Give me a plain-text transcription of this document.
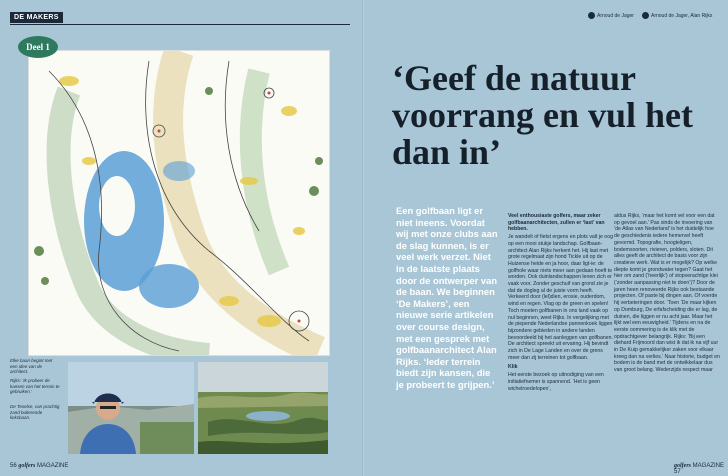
DE MAKERS
Deel 1
Elke baan begint met een idee van de architect.
Rijks: ‘Ik probeer de kansen van het terrein te gebruiken.’
De Texelse, van prachtig zand bulterende linksbaan.
56 golfers MAGAZINE
Arnoud de Jager	Arnoud de Jager, Alan Rijks
‘Geef de natuur voorrang en vul het dan in’

Een golfbaan ligt er niet ineens. Voordat wij met onze clubs aan de slag kunnen, is er veel werk verzet. Niet in de laatste plaats door de ontwerper van de baan. We beginnen ‘De Makers’, een nieuwe serie artikelen over course design, met een gesprek met golfbaanarchitect Alan Rijks. ‘Ieder terrein biedt zijn kansen, die je probeert te grijpen.’

Veel enthousiaste golfers, maar zeker golfbaanarchitecten, zullen er ‘last’ van hebben.

Je wandelt of fietst ergens en plots valt je oog op een mooi stukje landschap. Golfbaan-architect Alan Rijks herkent het. Hij laat met grote regelmaat zijn hond Tickle uit op de Huizense heide en ja hoor, daar ligt-ie: de golfhole waar niets meer aan gedaan hoeft te worden. Ook duinlandschappen lenen zich er vaak voor. Zonder geschuif van grond zie je dat de dogleg al de juiste vorm heeft. Verkeerd door (lel)dien, erosie, ouderdom, wind en regen. Vlag op de green en spelen! Toch moeten golfbanen in ons land vaak op nul beginnen, weet Rijks. In vergelijking met de piepende Nederlandse pannenkoek liggen bijzondere gebieden in andere landen bevoordeeld bij het aanleggen van golfbanen. De architect spreekt uit ervaring. Hij bevindt zich in De Lage Landen en over de grens meer dan zij terreinen tot golfbaan.

Klik

Het eerste bezoek op uitnodiging van een initiatiefnemer is spannend. ‘Het is geen wichelroedelopen’,

aldus Rijks, ‘maar het komt vel voor een dat op gevoel aan.’ Pas sinds de invoering van ‘de Atlas van Nederland’ is het duidelijk hoe de geschiedenis iedere hemervel heeft gevormd. Topografie, hoogteligen, bodemsoorten, rivieren, polders, sloten. Dit alles geeft de architect de basis voor zijn creatieve werk. Wat is er mogelijk? Op welke diepte komt je grondwater tegen? Gaat het hier om zand (‘heerlijk’) of stopverachtige klei (‘zonder aanpassing niet te doen’)? Door de jaren heen renoveerde Rijks ook bestaande projecten. Of paste bij dingen aan. Of voerde hij verbeteringen door. ‘Toen ‘De maar kijken op Domburg, De erfafscheiding die er lag, de duinen, die liggen er nu acht jaar. Maar het lijkt wel een eeuwigheid.’ Tijdens en na de eerste oommering is de klik met de opdrachtgever belangrijk. Rijks: ‘Bij een diehard Frijmoord dan wist ik dat ik na vijf uur in De Kuip gemakkelijker zaken voor elkaar kreeg dan na verlies.’ Naar historie, budget en bodem is de band met de ontwikkelaar dus van groot belang. Wederzijds respect maar

golfers MAGAZINE 57
